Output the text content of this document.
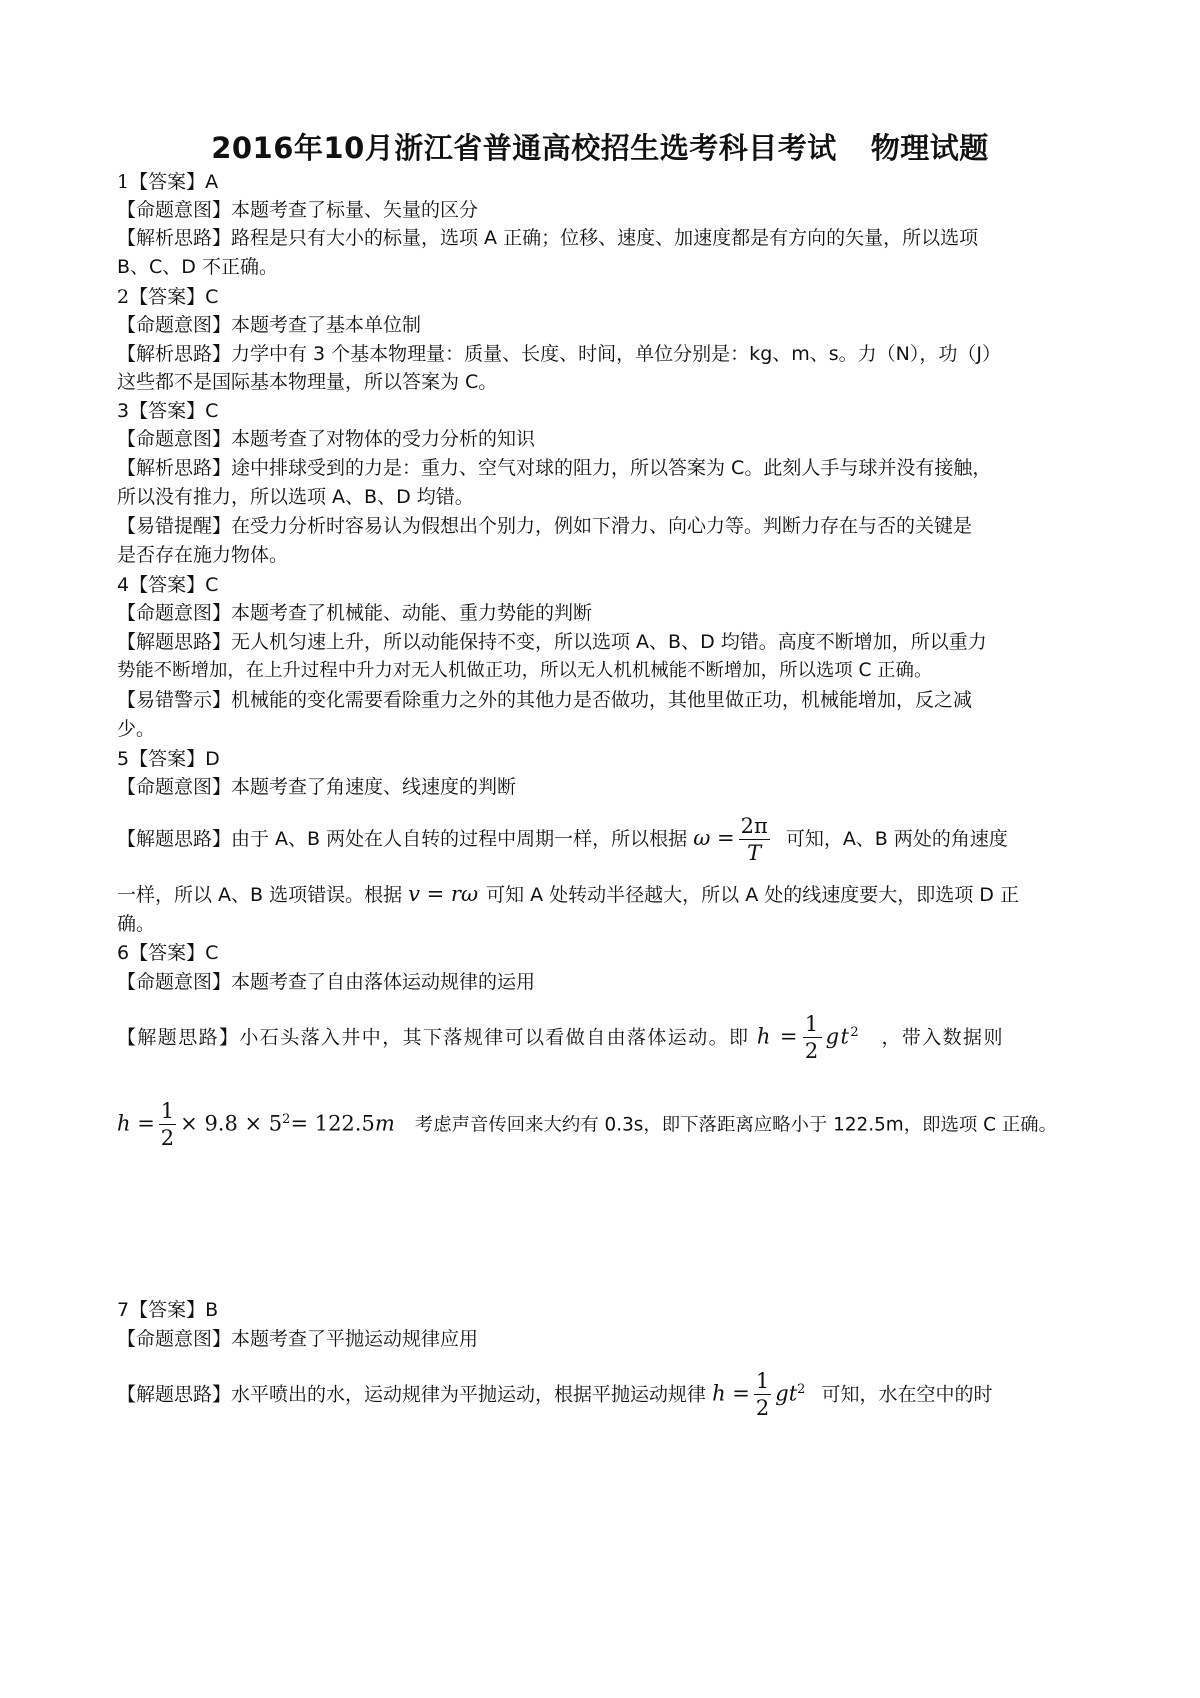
2016年10月浙江省普通高校招生选考科目考试 物理试题

1【答案】A

【命题意图】本题考查了标量、矢量的区分

【解析思路】路程是只有大小的标量，选项 A 正确；位移、速度、加速度都是有方向的矢量，所以选项

B、C、D 不正确。

2【答案】C

【命题意图】本题考查了基本单位制

【解析思路】力学中有 3 个基本物理量：质量、长度、时间，单位分别是：kg、m、s。力（N），功（J）

这些都不是国际基本物理量，所以答案为 C。

3【答案】C

【命题意图】本题考查了对物体的受力分析的知识

【解析思路】途中排球受到的力是：重力、空气对球的阻力，所以答案为 C。此刻人手与球并没有接触，

所以没有推力，所以选项 A、B、D 均错。

【易错提醒】在受力分析时容易认为假想出个别力，例如下滑力、向心力等。判断力存在与否的关键是

是否存在施力物体。

4【答案】C

【命题意图】本题考查了机械能、动能、重力势能的判断

【解题思路】无人机匀速上升，所以动能保持不变，所以选项 A、B、D 均错。高度不断增加，所以重力

势能不断增加，在上升过程中升力对无人机做正功，所以无人机机械能不断增加，所以选项 C 正确。

【易错警示】机械能的变化需要看除重力之外的其他力是否做功，其他里做正功，机械能增加，反之减

少。

5【答案】D

【命题意图】本题考查了角速度、线速度的判断

【解题思路】由于 A、B 两处在人自转的过程中周期一样，所以根据 $\omega = \frac{2\pi}{T}$ 可知，A、B 两处的角速度

一样，所以 A、B 选项错误。根据 v = rω 可知 A 处转动半径越大，所以 A 处的线速度要大，即选项 D 正

确。

6【答案】C

【命题意图】本题考查了自由落体运动规律的运用

【解题思路】小石头落入井中，其下落规律可以看做自由落体运动。即 $h = \frac{1}{2} gt^2$ ，带入数据则
$h = \frac{1}{2} \times 9.8 \times 5^2= 122.5m$ 考虑声音传回来大约有 0.3s，即下落距离应略小于 122.5m，即选项 C 正确。

7【答案】B

【命题意图】本题考查了平抛运动规律应用

【解题思路】水平喷出的水，运动规律为平抛运动，根据平抛运动规律 $h = \frac{1}{2} gt^2$ 可知，水在空中的时
